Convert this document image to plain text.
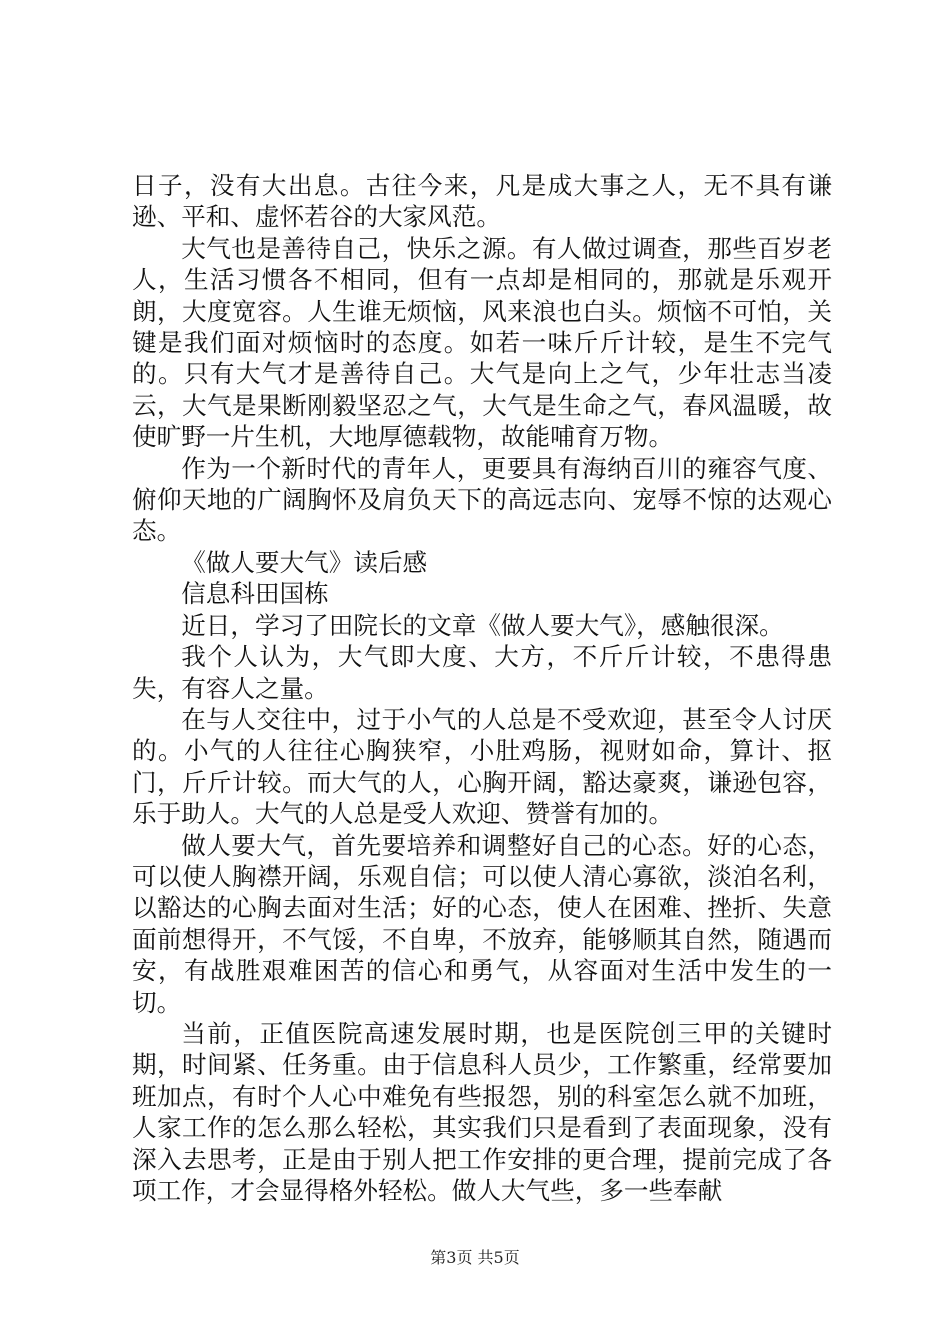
日子，没有大出息。古往今来，凡是成大事之人，无不具有谦逊、平和、虚怀若谷的大家风范。

大气也是善待自己，快乐之源。有人做过调查，那些百岁老人，生活习惯各不相同，但有一点却是相同的，那就是乐观开朗，大度宽容。人生谁无烦恼，风来浪也白头。烦恼不可怕，关键是我们面对烦恼时的态度。如若一味斤斤计较，是生不完气的。只有大气才是善待自己。大气是向上之气，少年壮志当凌云，大气是果断刚毅坚忍之气，大气是生命之气，春风温暖，故使旷野一片生机，大地厚德载物，故能哺育万物。

作为一个新时代的青年人，更要具有海纳百川的雍容气度、俯仰天地的广阔胸怀及肩负天下的高远志向、宠辱不惊的达观心态。

《做人要大气》读后感

信息科田国栋

近日，学习了田院长的文章《做人要大气》，感触很深。

我个人认为，大气即大度、大方，不斤斤计较，不患得患失，有容人之量。

在与人交往中，过于小气的人总是不受欢迎，甚至令人讨厌的。小气的人往往心胸狭窄，小肚鸡肠，视财如命，算计、抠门，斤斤计较。而大气的人，心胸开阔，豁达豪爽，谦逊包容，乐于助人。大气的人总是受人欢迎、赞誉有加的。

做人要大气，首先要培养和调整好自己的心态。好的心态，可以使人胸襟开阔，乐观自信；可以使人清心寡欲，淡泊名利，以豁达的心胸去面对生活；好的心态，使人在困难、挫折、失意面前想得开，不气馁，不自卑，不放弃，能够顺其自然，随遇而安，有战胜艰难困苦的信心和勇气，从容面对生活中发生的一切。

当前，正值医院高速发展时期，也是医院创三甲的关键时期，时间紧、任务重。由于信息科人员少，工作繁重，经常要加班加点，有时个人心中难免有些报怨，别的科室怎么就不加班，人家工作的怎么那么轻松，其实我们只是看到了表面现象，没有深入去思考，正是由于别人把工作安排的更合理，提前完成了各项工作，才会显得格外轻松。做人大气些，多一些奉献

第3页 共5页
